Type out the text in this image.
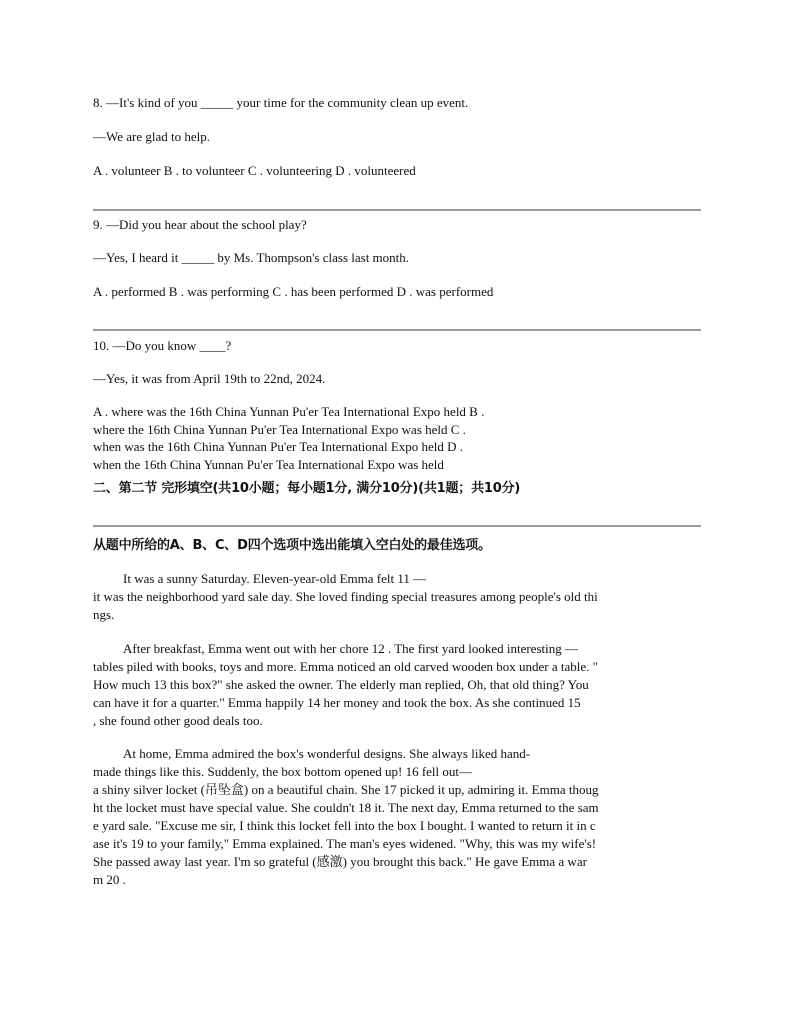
8. —It's kind of you _____ your time for the community clean up event.
—We are glad to help.
A . volunteer B . to volunteer C . volunteering D . volunteered
9. —Did you hear about the school play?
—Yes, I heard it _____ by Ms. Thompson's class last month.
A . performed B . was performing C . has been performed D . was performed
10. —Do you know ____?
—Yes, it was from April 19th to 22nd, 2024.
A . where was the 16th China Yunnan Pu'er Tea International Expo held B .
where the 16th China Yunnan Pu'er Tea International Expo was held C .
when was the 16th China Yunnan Pu'er Tea International Expo held D .
when the 16th China Yunnan Pu'er Tea International Expo was held
二、第二节 完形填空(共10小题；每小题1分, 满分10分)(共1题；共10分)
从题中所给的A、B、C、D四个选项中选出能填入空白处的最佳选项。
It was a sunny Saturday. Eleven-year-old Emma felt 11 —
it was the neighborhood yard sale day. She loved finding special treasures among people's old thi
ngs.
After breakfast, Emma went out with her chore 12 . The first yard looked interesting —
tables piled with books, toys and more. Emma noticed an old carved wooden box under a table. "
How much 13 this box?" she asked the owner. The elderly man replied, Oh, that old thing? You
can have it for a quarter." Emma happily 14 her money and took the box. As she continued 15
, she found other good deals too.
At home, Emma admired the box's wonderful designs. She always liked hand-
made things like this. Suddenly, the box bottom opened up! 16 fell out—
a shiny silver locket (吊坠盒) on a beautiful chain. She 17 picked it up, admiring it. Emma thoug
ht the locket must have special value. She couldn't 18 it. The next day, Emma returned to the sam
e yard sale. "Excuse me sir, I think this locket fell into the box I bought. I wanted to return it in c
ase it's 19 to your family," Emma explained. The man's eyes widened. "Why, this was my wife's!
She passed away last year. I'm so grateful (感激) you brought this back." He gave Emma a war
m 20 .
